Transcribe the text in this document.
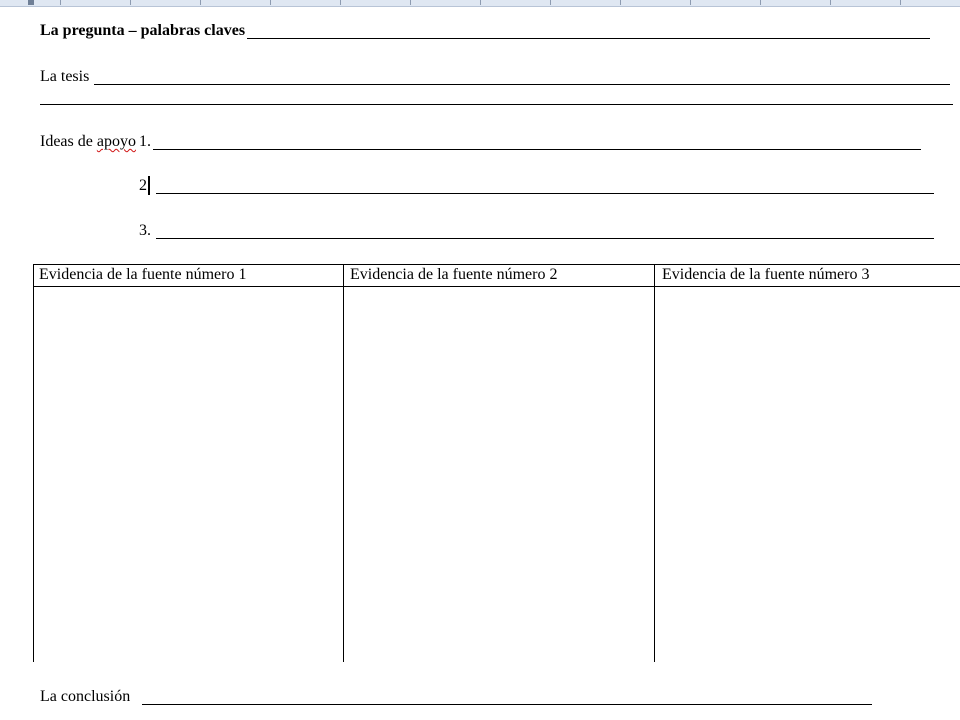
La pregunta – palabras claves
La tesis
Ideas de apoyo 1.
2
3.
Evidencia de la fuente número 1	Evidencia de la fuente número 2	Evidencia de la fuente número 3
La conclusión
